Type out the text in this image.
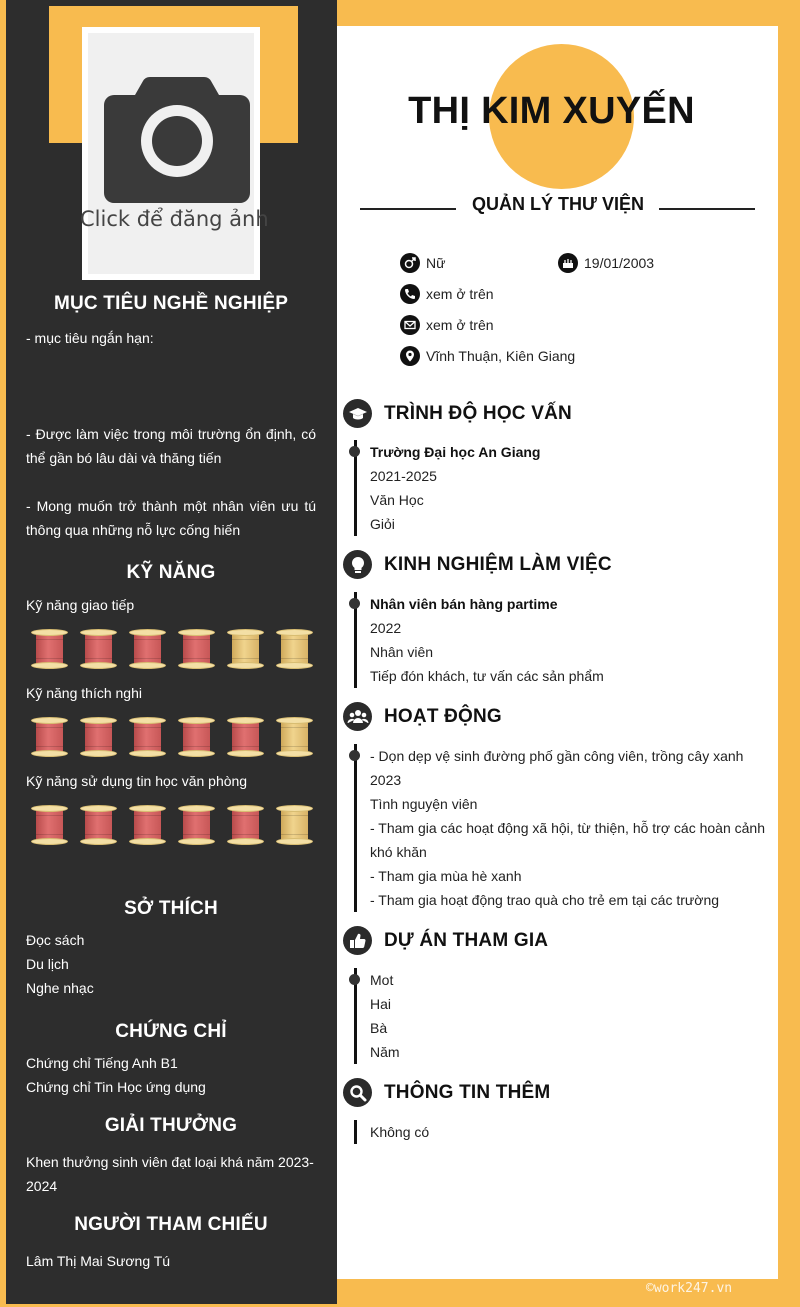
Click để đăng ảnh
MỤC TIÊU NGHỀ NGHIỆP
- mục tiêu ngắn hạn:
- Được làm việc trong môi trường ổn định, có thể gần bó lâu dài và thăng tiến
- Mong muốn trở thành một nhân viên ưu tú thông qua những nỗ lực cống hiến
KỸ NĂNG
Kỹ năng giao tiếp
Kỹ năng thích nghi
Kỹ năng sử dụng tin học văn phòng
SỞ THÍCH
Đọc sách
Du lịch
Nghe nhạc
CHỨNG CHỈ
Chứng chỉ Tiếng Anh B1
Chứng chỉ Tin Học ứng dụng
GIẢI THƯỞNG
Khen thưởng sinh viên đạt loại khá năm 2023-2024
NGƯỜI THAM CHIẾU
Lâm Thị Mai Sương Tú
THỊ KIM XUYẾN
QUẢN LÝ THƯ VIỆN
Nữ	19/01/2003
xem ở trên
xem ở trên
Vĩnh Thuận, Kiên Giang
TRÌNH ĐỘ HỌC VẤN
Trường Đại học An Giang
2021-2025
Văn Học
Giỏi
KINH NGHIỆM LÀM VIỆC
Nhân viên bán hàng partime
2022
Nhân viên
Tiếp đón khách, tư vấn các sản phẩm
HOẠT ĐỘNG
- Dọn dẹp vệ sinh đường phố gần công viên, trồng cây xanh
2023
Tình nguyện viên
- Tham gia các hoạt động xã hội, từ thiện, hỗ trợ các hoàn cảnh khó khăn
- Tham gia mùa hè xanh
- Tham gia hoạt động trao quà cho trẻ em tại các trường
DỰ ÁN THAM GIA
Mot
Hai
Bà
Năm
THÔNG TIN THÊM
Không có
©work247.vn
